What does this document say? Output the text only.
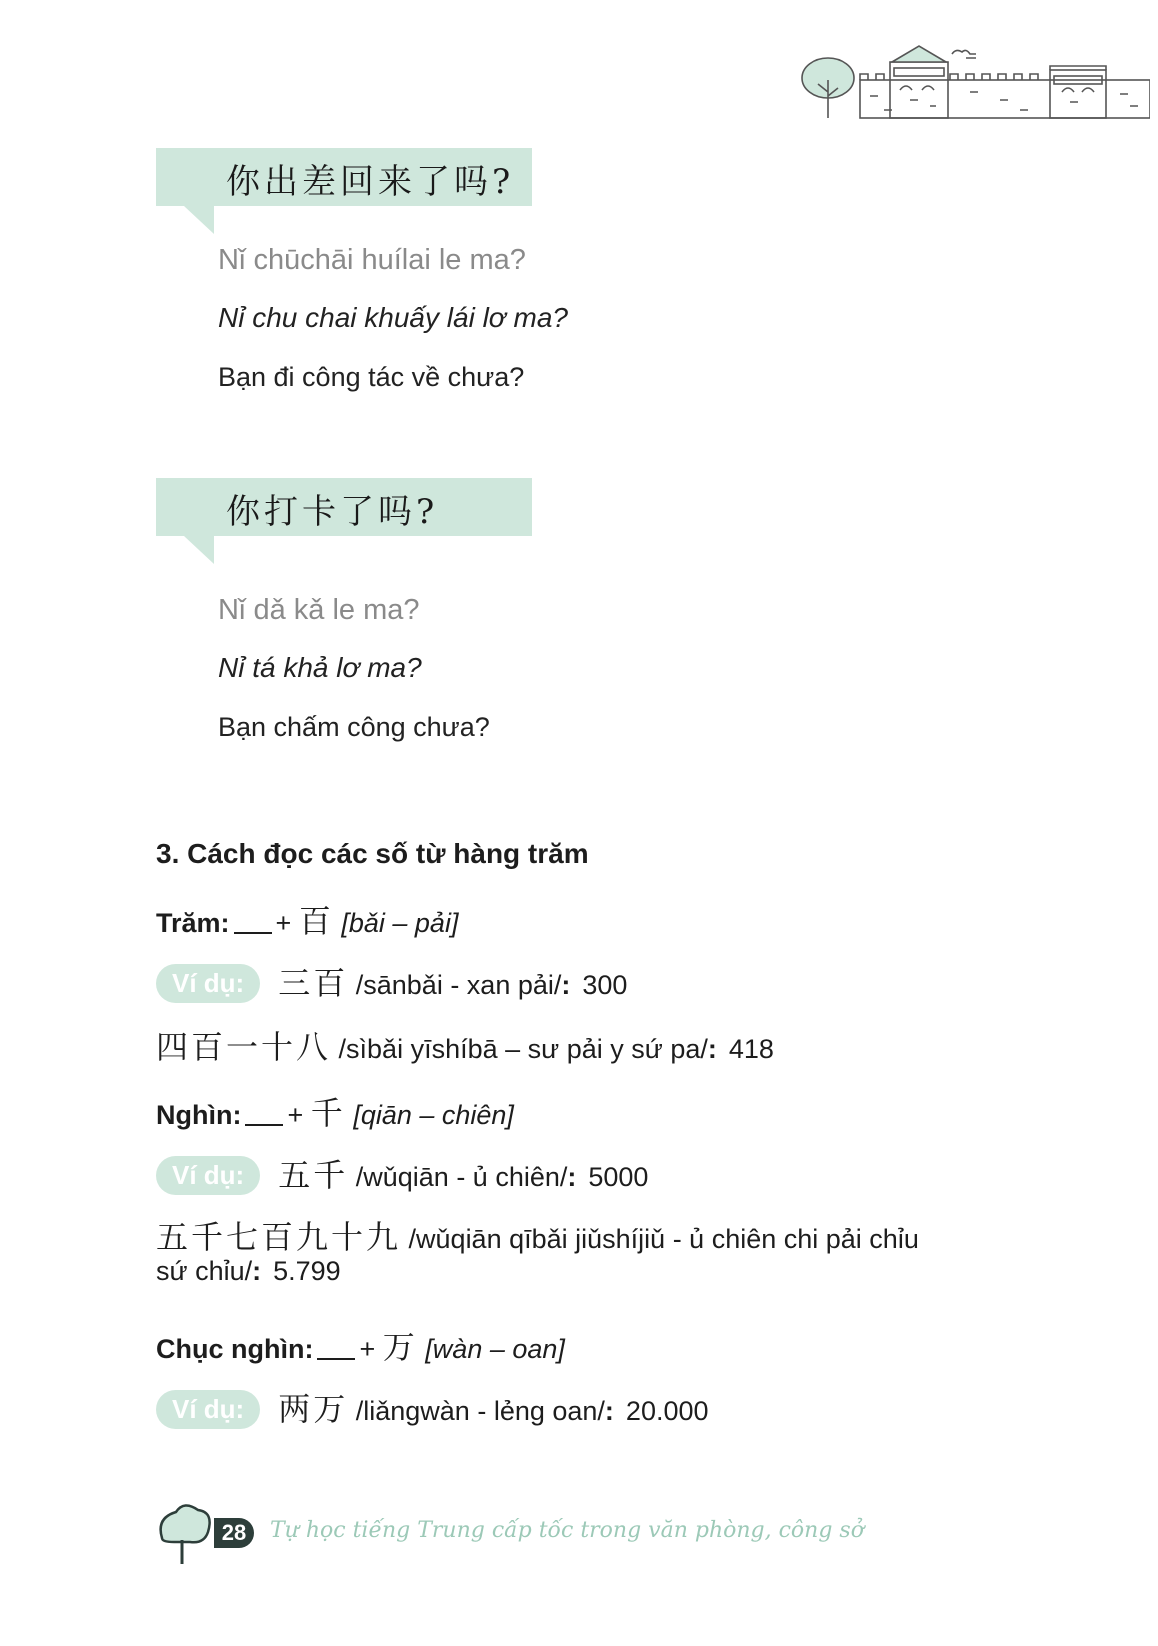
你出差回来了吗?
Nǐ chūchāi huílai le ma?
Nỉ chu chai khuấy lái lơ ma?
Bạn đi công tác về chưa?
你打卡了吗?
Nǐ dǎ kǎ le ma?
Nỉ tá khả lơ ma?
Bạn chấm công chưa?
3. Cách đọc các số từ hàng trăm
Trăm: + 百 [bǎi – pải]
Ví dụ: 三百 /sānbǎi - xan pải/: 300
四百一十八 /sìbǎi yīshíbā – sư pải y sứ pa/: 418
Nghìn: + 千 [qiān – chiên]
Ví dụ: 五千 /wǔqiān - ủ chiên/: 5000
五千七百九十九 /wǔqiān qībǎi jiǔshíjiǔ - ủ chiên chi pải chỉu
sứ chỉu/: 5.799
Chục nghìn: + 万 [wàn – oan]
Ví dụ: 两万 /liǎngwàn - lẻng oan/: 20.000
28	Tự học tiếng Trung cấp tốc trong văn phòng, công sở
